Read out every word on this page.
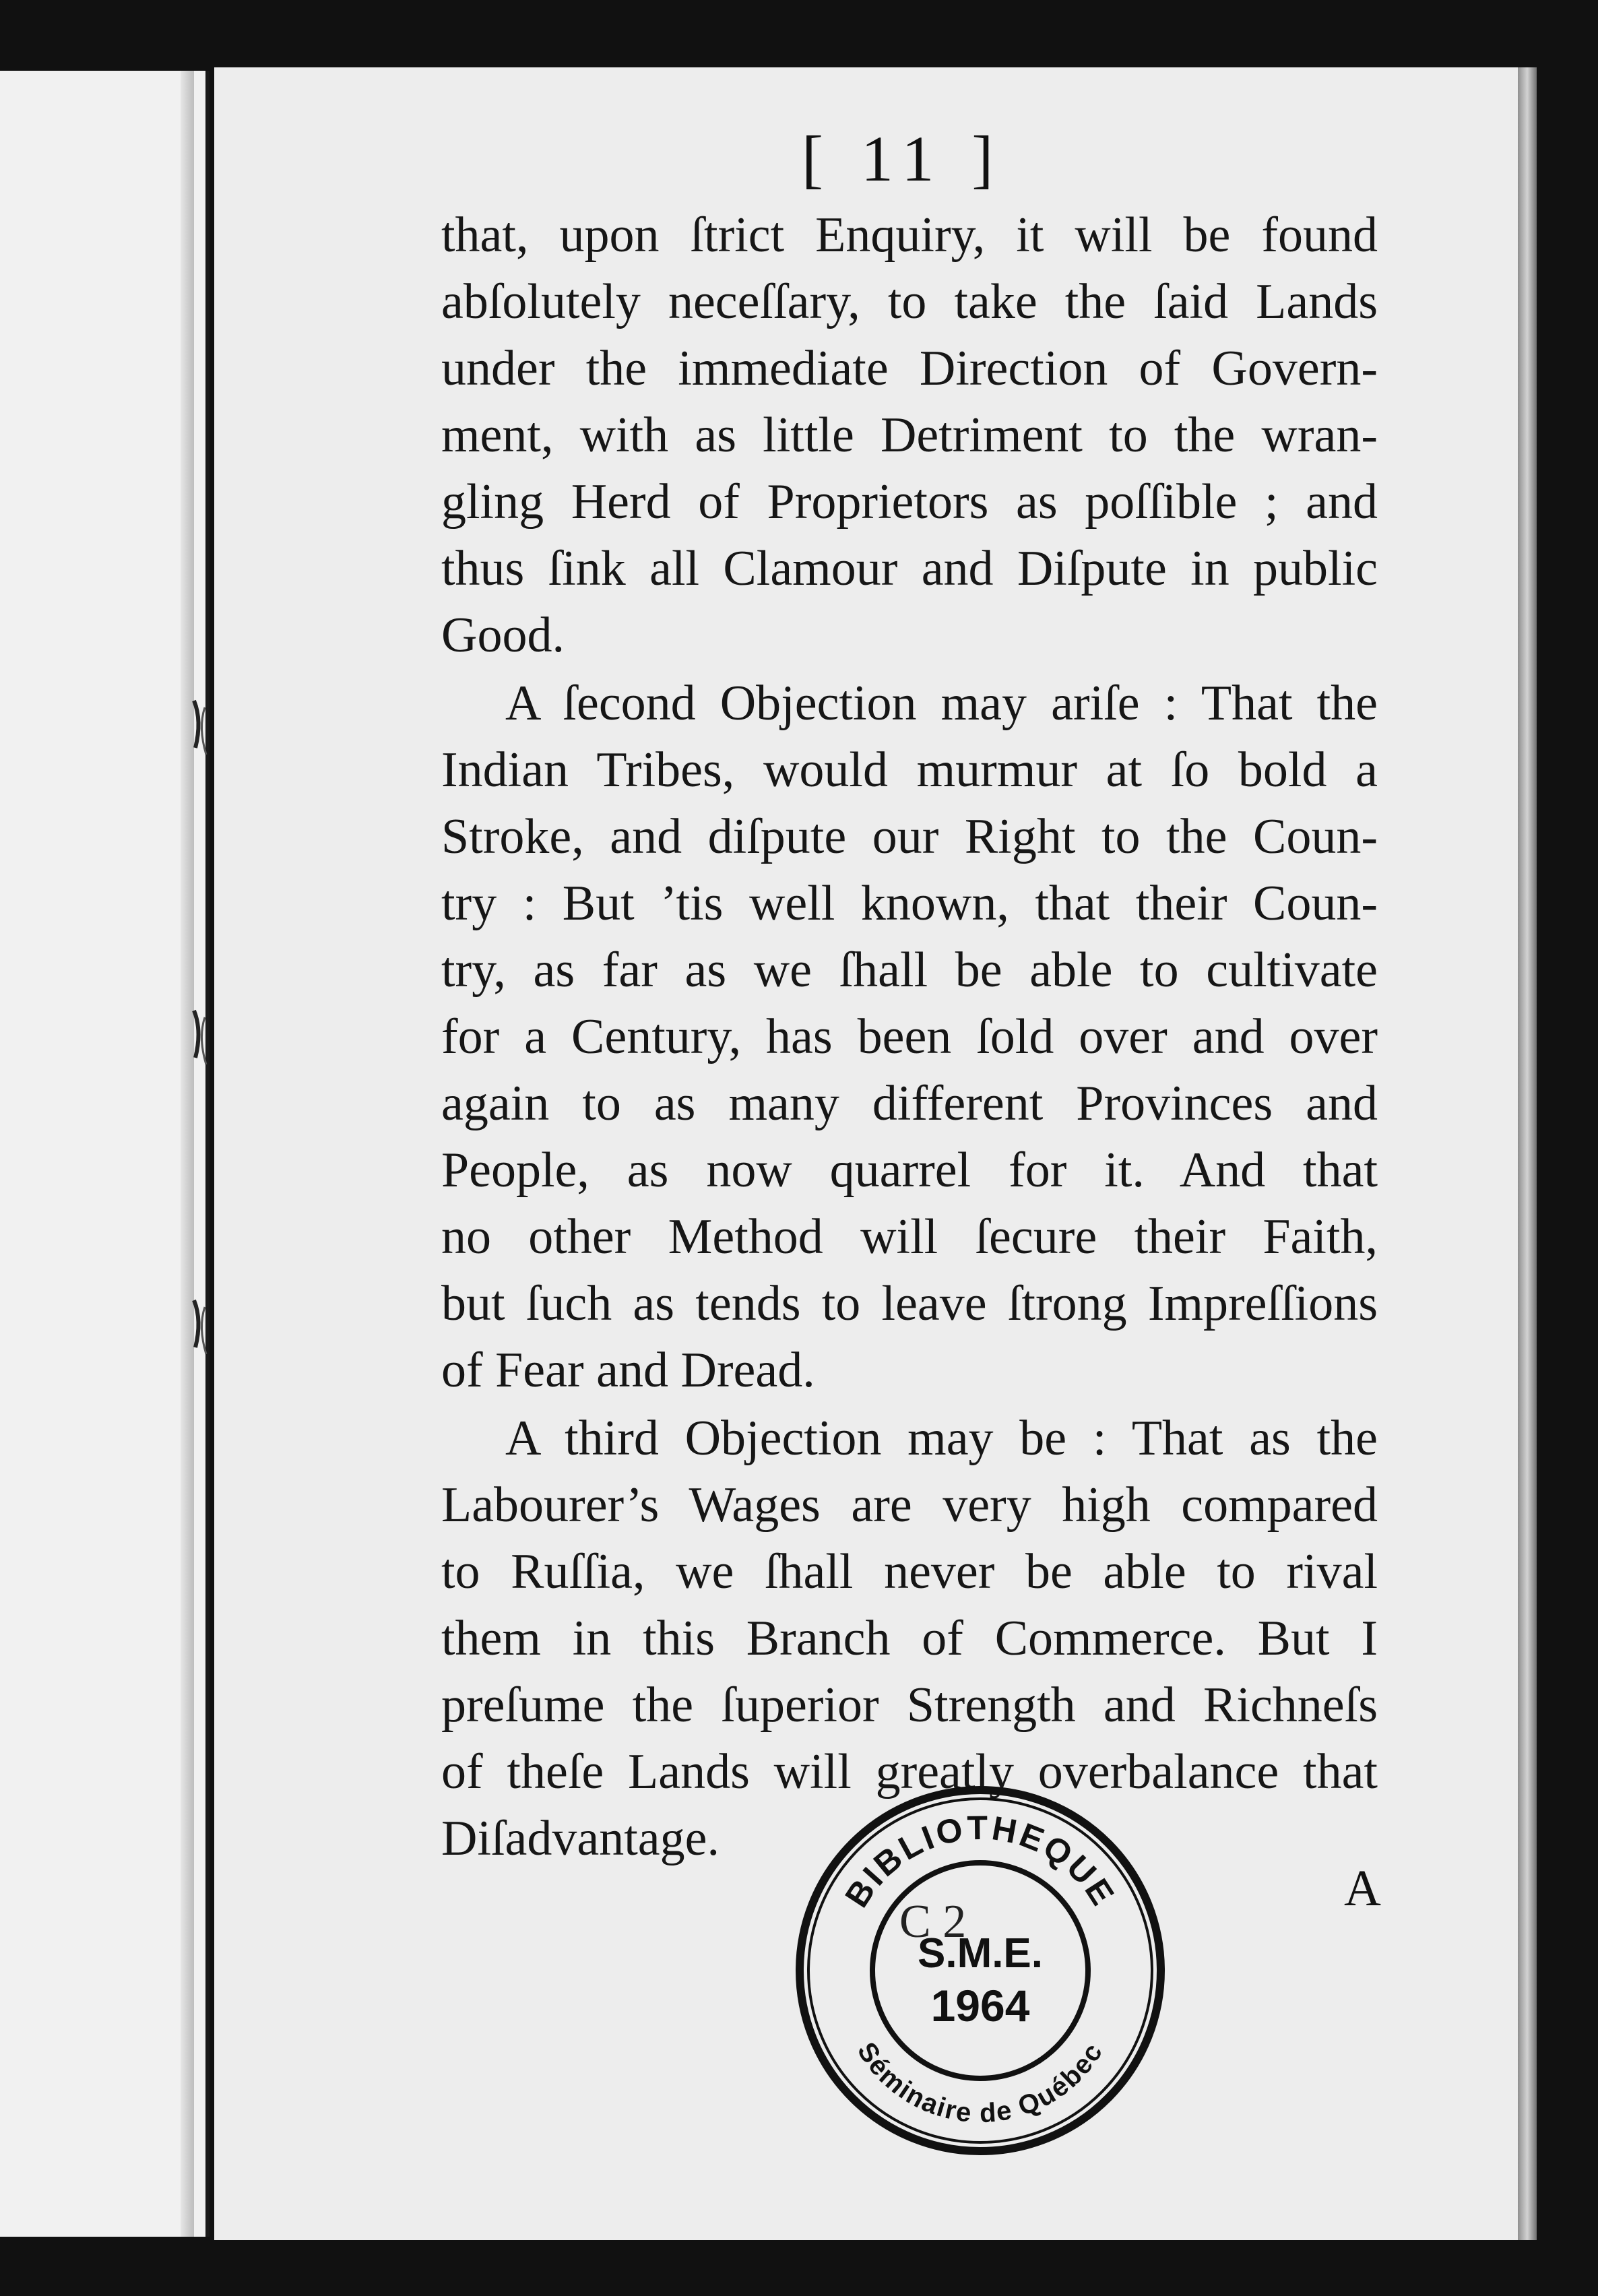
[ 11 ]
that, upon ſtrict Enquiry, it will be found
abſolutely neceſſary, to take the ſaid Lands
under the immediate Direction of Govern-
ment, with as little Detriment to the wran-
gling Herd of Proprietors as poſſible ; and
thus ſink all Clamour and Diſpute in public
Good.
A ſecond Objection may ariſe : That the
Indian Tribes, would murmur at ſo bold a
Stroke, and diſpute our Right to the Coun-
try : But ’tis well known, that their Coun-
try, as far as we ſhall be able to cultivate
for a Century, has been ſold over and over
again to as many different Provinces and
People, as now quarrel for it. And that
no other Method will ſecure their Faith,
but ſuch as tends to leave ſtrong Impreſſions
of Fear and Dread.
A third Objection may be : That as the
Labourer’s Wages are very high compared
to Ruſſia, we ſhall never be able to rival
them in this Branch of Commerce. But I
preſume the ſuperior Strength and Richneſs
of theſe Lands will greatly overbalance that
Diſadvantage.
A
BIBLIOTHEQUE
Séminaire de Québec
C 2
S.M.E.
1964
